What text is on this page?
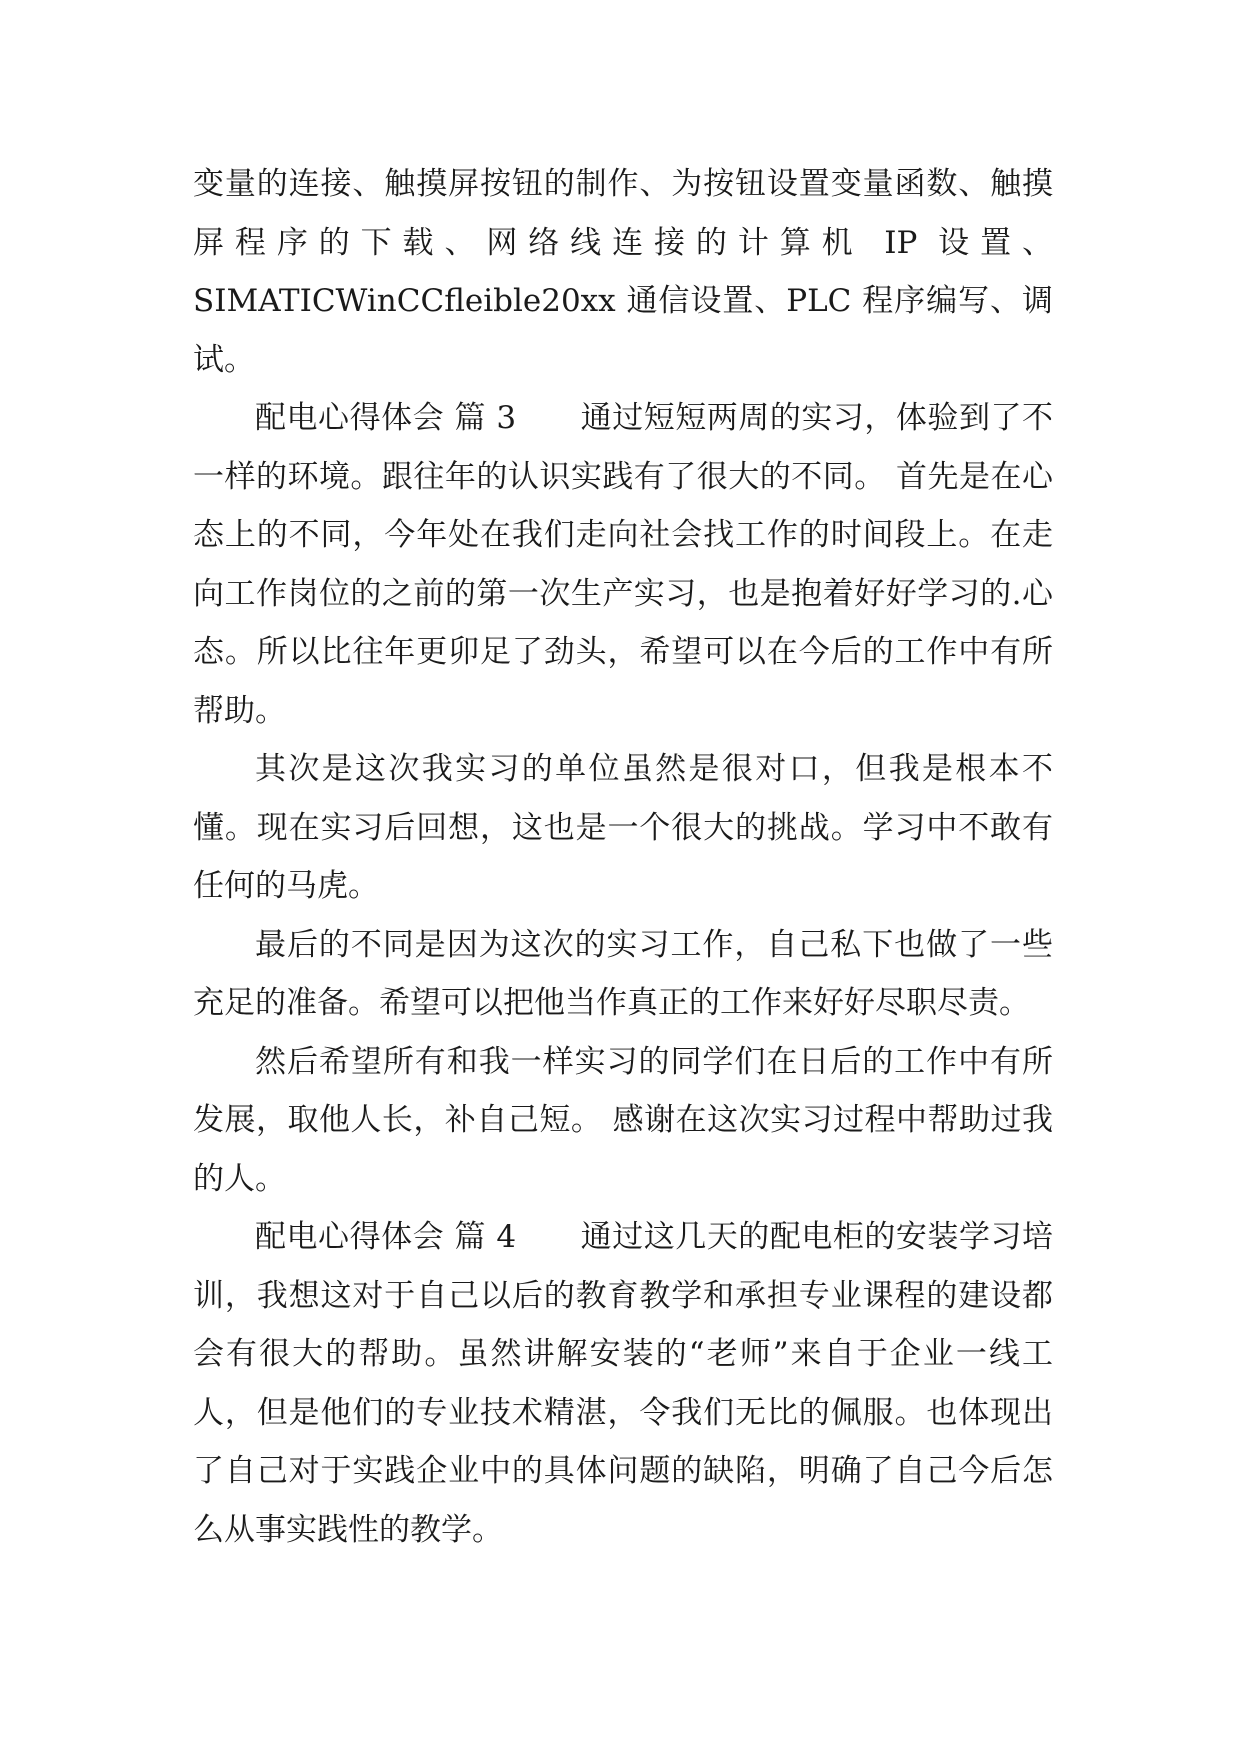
变量的连接、触摸屏按钮的制作、为按钮设置变量函数、触摸屏程序的下载、网络线连接的计算机 IP 设置、SIMATICWinCCfleible20xx 通信设置、PLC 程序编写、调试。

配电心得体会 篇 3 通过短短两周的实习，体验到了不一样的环境。跟往年的认识实践有了很大的不同。 首先是在心态上的不同，今年处在我们走向社会找工作的时间段上。在走向工作岗位的之前的第一次生产实习，也是抱着好好学习的.心态。所以比往年更卯足了劲头，希望可以在今后的工作中有所帮助。

其次是这次我实习的单位虽然是很对口，但我是根本不懂。现在实习后回想，这也是一个很大的挑战。学习中不敢有任何的马虎。

最后的不同是因为这次的实习工作，自己私下也做了一些充足的准备。希望可以把他当作真正的工作来好好尽职尽责。

然后希望所有和我一样实习的同学们在日后的工作中有所发展，取他人长，补自己短。 感谢在这次实习过程中帮助过我的人。

配电心得体会 篇 4 通过这几天的配电柜的安装学习培训，我想这对于自己以后的教育教学和承担专业课程的建设都会有很大的帮助。虽然讲解安装的“老师”来自于企业一线工人，但是他们的专业技术精湛，令我们无比的佩服。也体现出了自己对于实践企业中的具体问题的缺陷，明确了自己今后怎么从事实践性的教学。
